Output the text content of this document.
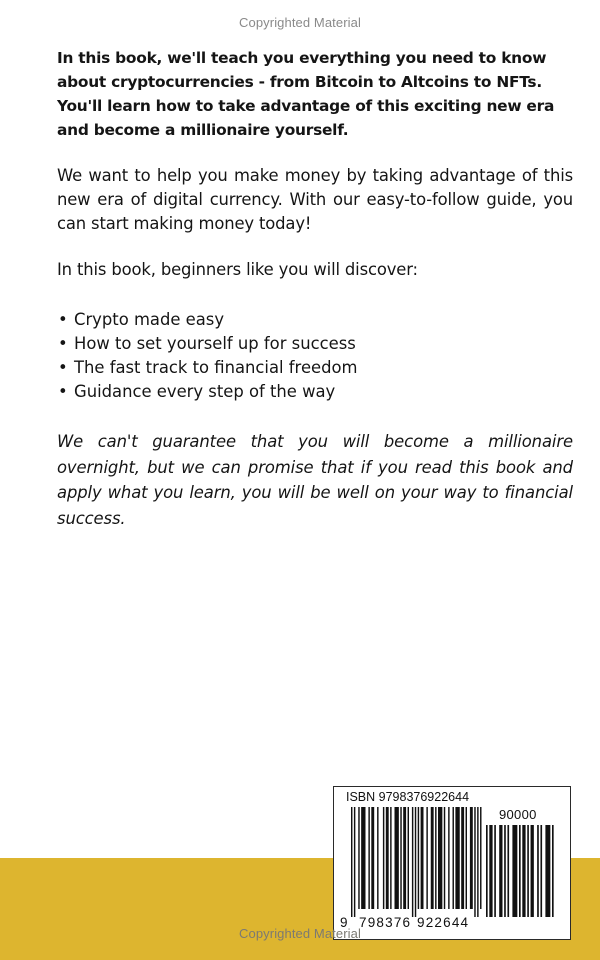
Copyrighted Material

In this book, we'll teach you everything you need to know about cryptocurrencies - from Bitcoin to Altcoins to NFTs. You'll learn how to take advantage of this exciting new era and become a millionaire yourself.

We want to help you make money by taking advantage of this new era of digital currency. With our easy-to-follow guide, you can start making money today!

In this book, beginners like you will discover:

• Crypto made easy
• How to set yourself up for success
• The fast track to financial freedom
• Guidance every step of the way

We can't guarantee that you will become a millionaire overnight, but we can promise that if you read this book and apply what you learn, you will be well on your way to financial success.

ISBN 9798376922644
90000
9 798376 922644
Copyrighted Material
